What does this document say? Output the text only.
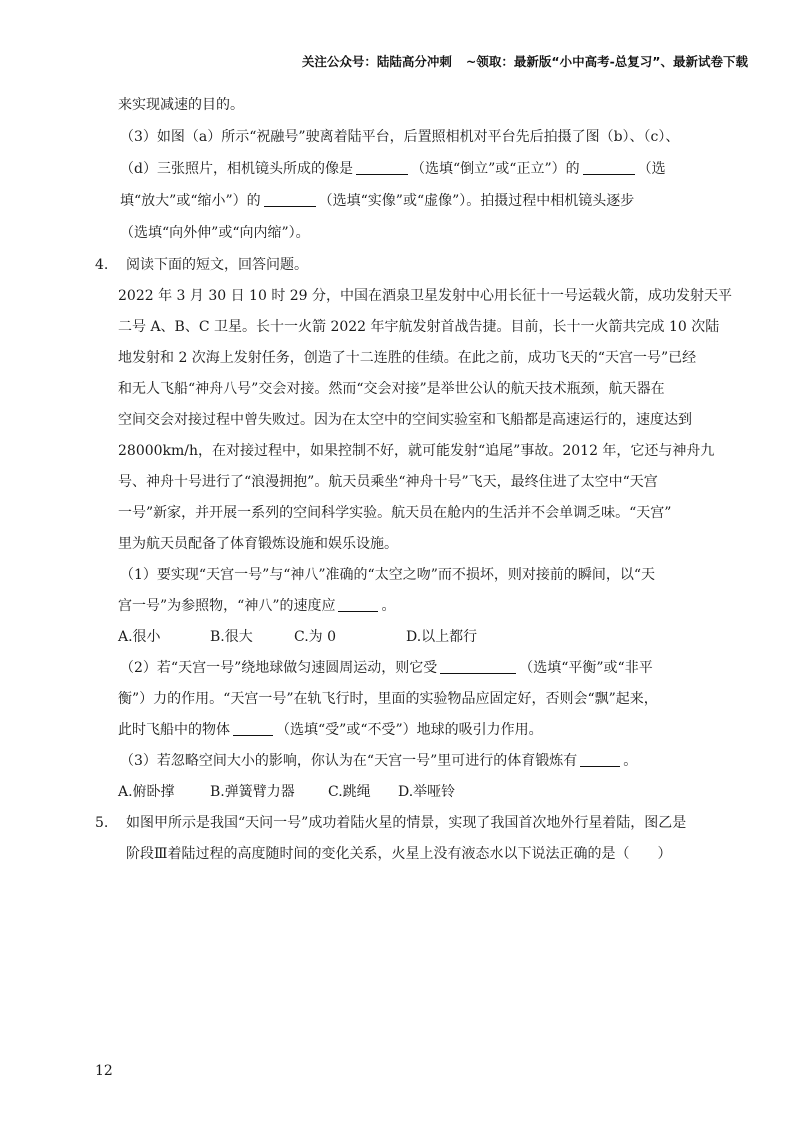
关注公众号：陆陆高分冲刺 ~领取：最新版“小中高考-总复习”、最新试卷下载
来实现减速的目的。
（3）如图（a）所示“祝融号”驶离着陆平台，后置照相机对平台先后拍摄了图（b）、（c）、
（d）三张照片，相机镜头所成的像是	（选填“倒立”或“正立”）的	（选
填“放大”或“缩小”）的	（选填“实像”或“虚像”）。拍摄过程中相机镜头逐步
（选填“向外伸”或“向内缩”）。
4. 阅读下面的短文，回答问题。
2022 年 3 月 30 日 10 时 29 分，中国在酒泉卫星发射中心用长征十一号运载火箭，成功发射天平
二号 A、B、C 卫星。长十一火箭 2022 年宇航发射首战告捷。目前，长十一火箭共完成 10 次陆
地发射和 2 次海上发射任务，创造了十二连胜的佳绩。在此之前，成功飞天的“天宫一号”已经
和无人飞船“神舟八号”交会对接。然而“交会对接”是举世公认的航天技术瓶颈，航天器在
空间交会对接过程中曾失败过。因为在太空中的空间实验室和飞船都是高速运行的，速度达到
28000km/h，在对接过程中，如果控制不好，就可能发射“追尾”事故。2012 年，它还与神舟九
号、神舟十号进行了“浪漫拥抱”。航天员乘坐“神舟十号”飞天，最终住进了太空中“天宫
一号”新家，并开展一系列的空间科学实验。航天员在舱内的生活并不会单调乏味。“天宫”
里为航天员配备了体育锻炼设施和娱乐设施。
（1）要实现“天宫一号”与“神八”准确的“太空之吻”而不损坏，则对接前的瞬间，以“天
宫一号”为参照物，“神八”的速度应	。
A.很小	B.很大	C.为 0	D.以上都行
（2）若“天宫一号”绕地球做匀速圆周运动，则它受	（选填“平衡”或“非平
衡”）力的作用。“天宫一号”在轨飞行时，里面的实验物品应固定好，否则会“飘”起来，
此时飞船中的物体	（选填“受”或“不受”）地球的吸引力作用。
（3）若忽略空间大小的影响，你认为在“天宫一号”里可进行的体育锻炼有	。
A.俯卧撑	B.弹簧臂力器 C.跳绳 D.举哑铃
5. 如图甲所示是我国“天问一号”成功着陆火星的情景，实现了我国首次地外行星着陆，图乙是
阶段Ⅲ着陆过程的高度随时间的变化关系，火星上没有液态水以下说法正确的是（　　）
12
